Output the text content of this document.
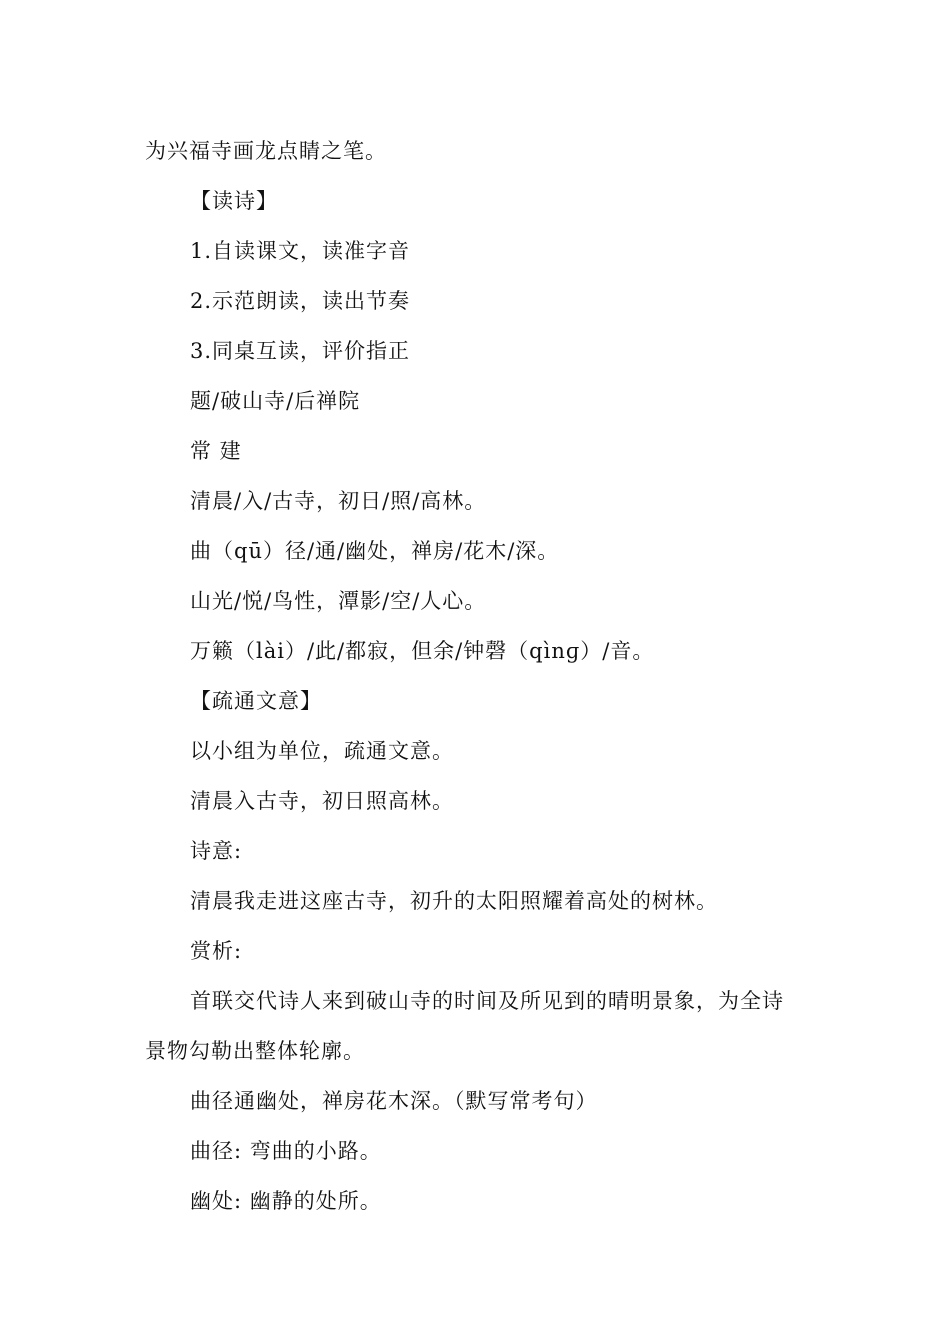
为兴福寺画龙点睛之笔。
【读诗】
1.自读课文，读准字音
2.示范朗读，读出节奏
3.同桌互读，评价指正
题/破山寺/后禅院
常 建
清晨/入/古寺，初日/照/高林。
曲（qū）径/通/幽处，禅房/花木/深。
山光/悦/鸟性，潭影/空/人心。
万籁（lài）/此/都寂，但余/钟磬（qìnɡ）/音。
【疏通文意】
以小组为单位，疏通文意。
清晨入古寺，初日照高林。
诗意:
清晨我走进这座古寺，初升的太阳照耀着高处的树林。
赏析:
首联交代诗人来到破山寺的时间及所见到的晴明景象，为全诗
景物勾勒出整体轮廓。
曲径通幽处，禅房花木深。（默写常考句）
曲径: 弯曲的小路。
幽处: 幽静的处所。
